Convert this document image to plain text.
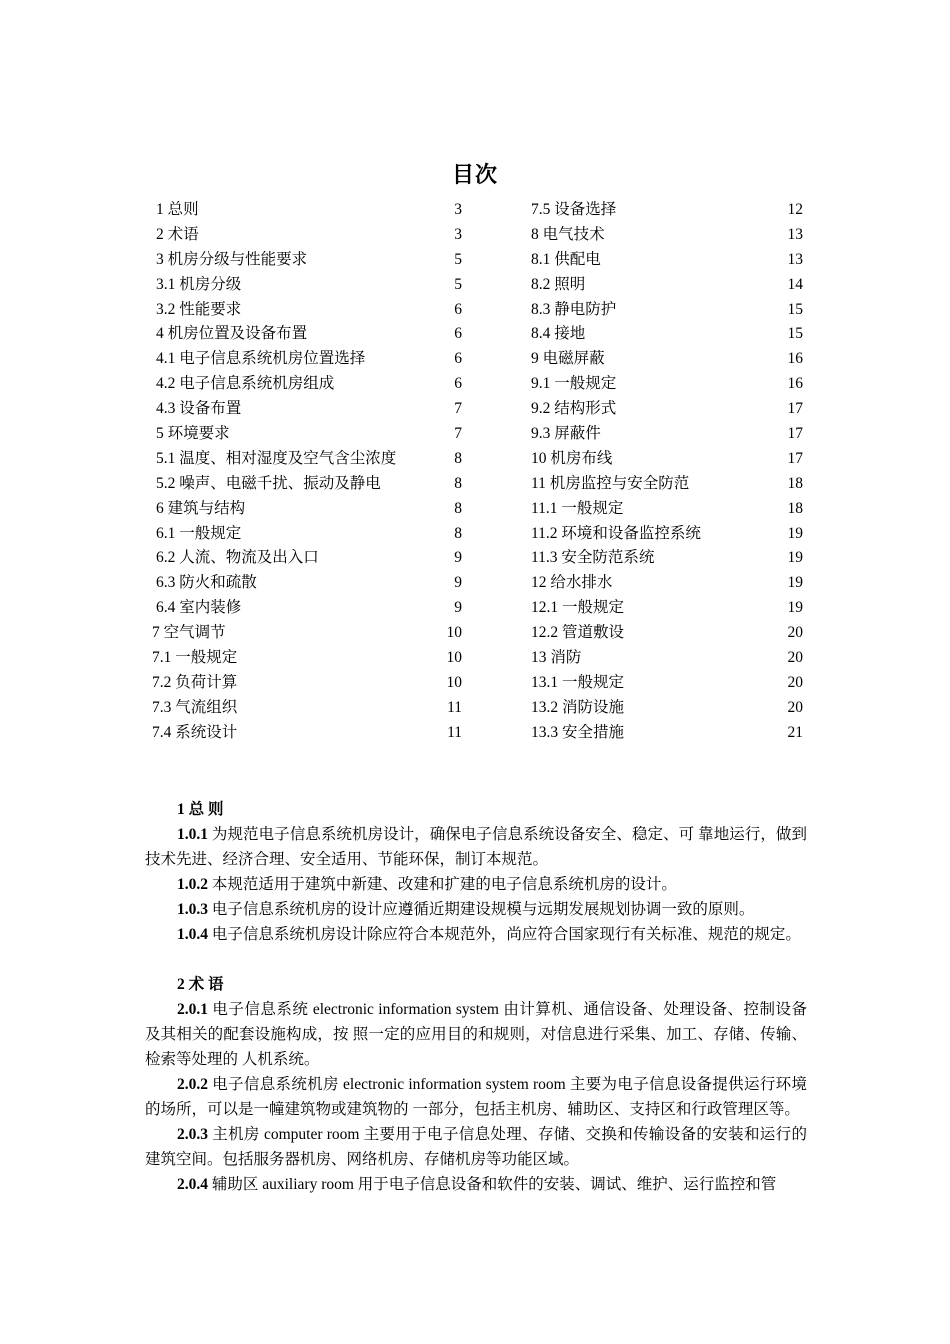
目次
1 总则	3
2 术语	3
3 机房分级与性能要求	5
3.1 机房分级	5
3.2 性能要求	6
4 机房位置及设备布置	6
4.1 电子信息系统机房位置选择	6
4.2 电子信息系统机房组成	6
4.3 设备布置	7
5 环境要求	7
5.1 温度、相对湿度及空气含尘浓度	8
5.2 噪声、电磁千扰、振动及静电	8
6 建筑与结构	8
6.1 一般规定	8
6.2 人流、物流及出入口	9
6.3 防火和疏散	9
6.4 室内装修	9
7 空气调节	10
7.1 一般规定	10
7.2 负荷计算	10
7.3 气流组织	11
7.4 系统设计	11
7.5 设备选择	12
8 电气技术	13
8.1 供配电	13
8.2 照明	14
8.3 静电防护	15
8.4 接地	15
9 电磁屏蔽	16
9.1 一般规定	16
9.2 结构形式	17
9.3 屏蔽件	17
10 机房布线	17
11 机房监控与安全防范	18
11.1 一般规定	18
11.2 环境和设备监控系统	19
11.3 安全防范系统	19
12 给水排水	19
12.1 一般规定	19
12.2 管道敷设	20
13 消防	20
13.1 一般规定	20
13.2 消防设施	20
13.3 安全措施	21

1 总 则

1.0.1 为规范电子信息系统机房设计，确保电子信息系统设备安全、稳定、可 靠地运行，做到技术先进、经济合理、安全适用、节能环保，制订本规范。

1.0.2 本规范适用于建筑中新建、改建和扩建的电子信息系统机房的设计。

1.0.3 电子信息系统机房的设计应遵循近期建设规模与远期发展规划协调一致的原则。

1.0.4 电子信息系统机房设计除应符合本规范外，尚应符合国家现行有关标准、规范的规定。

2 术 语

2.0.1 电子信息系统 electronic information system 由计算机、通信设备、处理设备、控制设备及其相关的配套设施构成，按 照一定的应用目的和规则，对信息进行采集、加工、存储、传输、检索等处理的 人机系统。

2.0.2 电子信息系统机房 electronic information system room 主要为电子信息设备提供运行环境的场所，可以是一幢建筑物或建筑物的 一部分，包括主机房、辅助区、支持区和行政管理区等。

2.0.3 主机房 computer room 主要用于电子信息处理、存储、交换和传输设备的安装和运行的建筑空间。包括服务器机房、网络机房、存储机房等功能区域。

2.0.4 辅助区 auxiliary room 用于电子信息设备和软件的安装、调试、维护、运行监控和管
